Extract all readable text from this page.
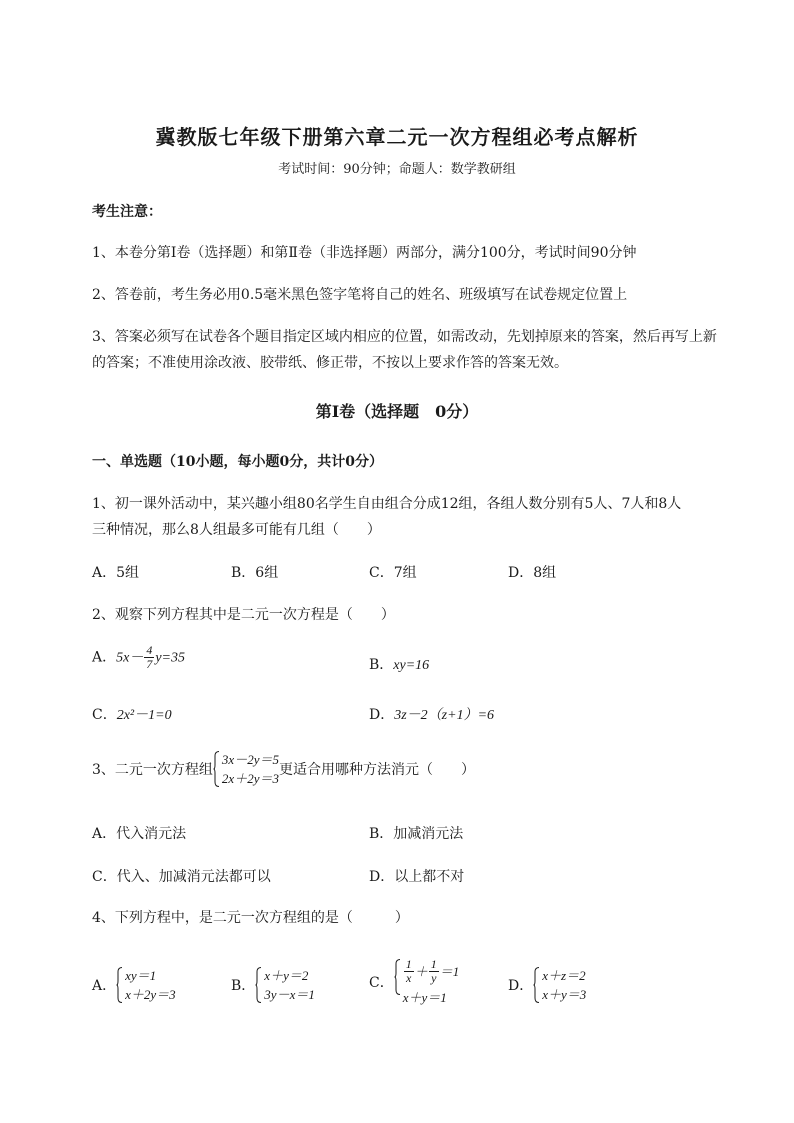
冀教版七年级下册第六章二元一次方程组必考点解析
考试时间：90分钟；命题人：数学教研组
考生注意：
1、本卷分第I卷（选择题）和第Ⅱ卷（非选择题）两部分，满分100分，考试时间90分钟
2、答卷前，考生务必用0.5毫米黑色签字笔将自己的姓名、班级填写在试卷规定位置上
3、答案必须写在试卷各个题目指定区域内相应的位置，如需改动，先划掉原来的答案，然后再写上新
的答案；不准使用涂改液、胶带纸、修正带，不按以上要求作答的答案无效。
第I卷（选择题　0分）
一、单选题（10小题，每小题0分，共计0分）
1、初一课外活动中，某兴趣小组80名学生自由组合分成12组，各组人数分别有5人、7人和8人
三种情况，那么8人组最多可能有几组（　　）
A．5组	B．6组	C．7组	D．8组
2、观察下列方程其中是二元一次方程是（　　）
A．$5x- \frac{4}{7} y=35$	B．xy=16
C．2x²－1=0	D．3z－2（z+1）=6
3、二元一次方程组
3x－2y＝5
2x＋2y＝3
更适合用哪种方法消元（　　）
A．代入消元法	B．加减消元法
C．代入、加减消元法都可以	D．以上都不对
4、下列方程中，是二元一次方程组的是（　　　）
A．
xy＝1
x＋2y＝3
B．
x＋y＝2
3y－x＝1
C． $\frac{1}{x} + \frac{1}{y} =1$
x＋y＝1
D．
x＋z＝2
x＋y＝3
